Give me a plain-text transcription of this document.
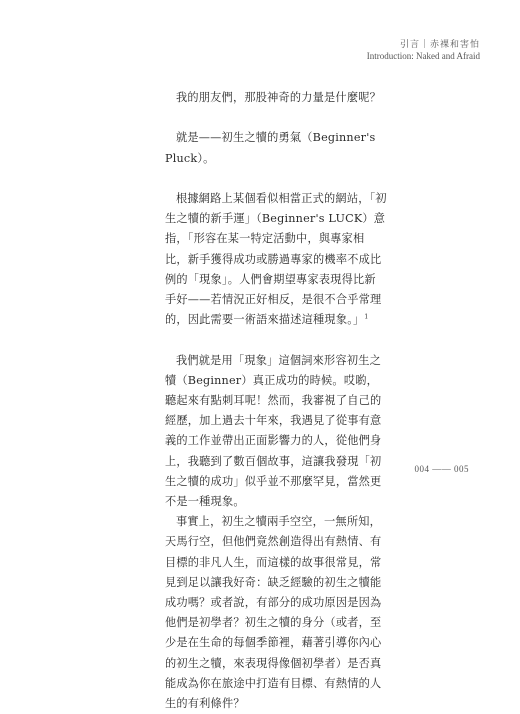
引言｜赤裸和害怕
Introduction: Naked and Afraid

我的朋友們，那股神奇的力量是什麼呢？

就是——初生之犢的勇氣（Beginner's Pluck）。

根據網路上某個看似相當正式的網站，「初生之犢的新手運」（Beginner's LUCK）意指，「形容在某一特定活動中，與專家相比，新手獲得成功或勝過專家的機率不成比例的「現象」。人們會期望專家表現得比新手好——若情況正好相反，是很不合乎常理的，因此需要一術語來描述這種現象。」$^1$

我們就是用「現象」這個詞來形容初生之犢（Beginner）真正成功的時候。哎喲，聽起來有點刺耳呢！然而，我審視了自己的經歷，加上過去十年來，我遇見了從事有意義的工作並帶出正面影響力的人，從他們身上，我聽到了數百個故事，這讓我發現「初生之犢的成功」似乎並不那麼罕見，當然更不是一種現象。

事實上，初生之犢兩手空空，一無所知，天馬行空，但他們竟然創造得出有熱情、有目標的非凡人生，而這樣的故事很常見，常見到足以讓我好奇：缺乏經驗的初生之犢能成功嗎？或者說，有部分的成功原因是因為他們是初學者？初生之犢的身分（或者，至少是在生命的每個季節裡，藉著引導你內心的初生之犢，來表現得像個初學者）是否真能成為你在旅途中打造有目標、有熱情的人生的有利條件？

004 —— 005
